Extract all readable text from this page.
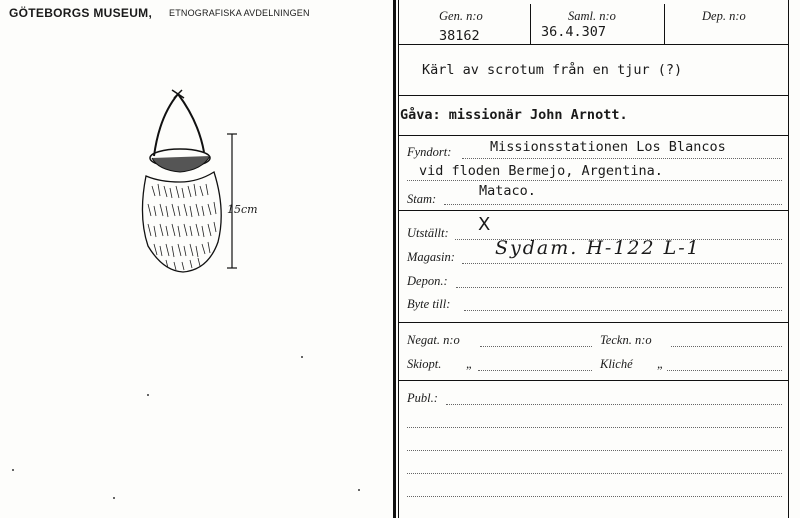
GÖTEBORGS MUSEUM, ETNOGRAFISKA AVDELNINGEN
15cm
Gen. n:o	Saml. n:o	Dep. n:o
38162	36.4.307
Kärl av scrotum från en tjur (?)
Gåva: missionär John Arnott.
Fyndort:	Missionsstationen Los Blancos
vid floden Bermejo, Argentina.
Mataco.
Stam:
Utställt: X
Magasin: Sydam. H-122 L-1
Depon.:
Byte till:
Negat. n:o	Teckn. n:o
Skiopt. „	Kliché „
Publ.:
